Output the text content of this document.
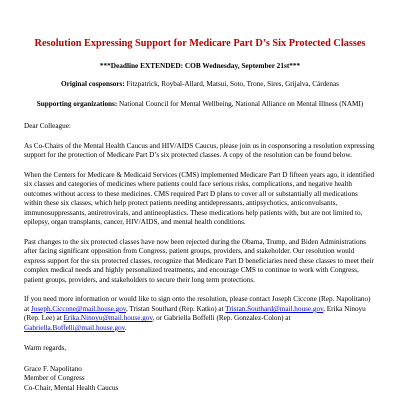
Resolution Expressing Support for Medicare Part D’s Six Protected Classes
***Deadline EXTENDED: COB Wednesday, September 21st***
Original cosponsors: Fitzpatrick, Roybal-Allard, Matsui, Soto, Trone, Sires, Grijalva, Cárdenas
Supporting organizations: National Council for Mental Wellbeing, National Alliance on Mental Illness (NAMI)

Dear Colleague:

As Co-Chairs of the Mental Health Caucus and HIV/AIDS Caucus, please join us in cosponsoring a resolution expressing support for the protection of Medicare Part D’s six protected classes. A copy of the resolution can be found below.

When the Centers for Medicare & Medicaid Services (CMS) implemented Medicare Part D fifteen years ago, it identified six classes and categories of medicines where patients could face serious risks, complications, and negative health outcomes without access to these medicines. CMS required Part D plans to cover all or substantially all medications within these six classes, which help protect patients needing antidepressants, antipsychotics, anticonvulsants, immunosuppressants, antiretrovirals, and antineoplastics. These medications help patients with, but are not limited to, epilepsy, organ transplants, cancer, HIV/AIDS, and mental health conditions.

Past changes to the six protected classes have now been rejected during the Obama, Trump, and Biden Administrations after facing significant opposition from Congress, patient groups, providers, and stakeholder. Our resolution would express support for the six protected classes, recognize that Medicare Part D beneficiaries need these classes to meet their complex medical needs and highly personalized treatments, and encourage CMS to continue to work with Congress, patient groups, providers, and stakeholders to secure their long term protections.

If you need more information or would like to sign onto the resolution, please contact Joseph Ciccone (Rep. Napolitano) at Joseph.Ciccone@mail.house.gov, Tristan Southard (Rep. Katko) at Tristan.Southard@mail.house.gov, Erika Ninoyu (Rep. Lee) at Erika.Ninoyu@mail.house.gov, or Gabriella Boffelli (Rep. Gonzalez-Colon) at Gabriella.Boffelli@mail.house.gov.

Warm regards,

Grace F. Napolitano
Member of Congress
Co-Chair, Mental Health Caucus
